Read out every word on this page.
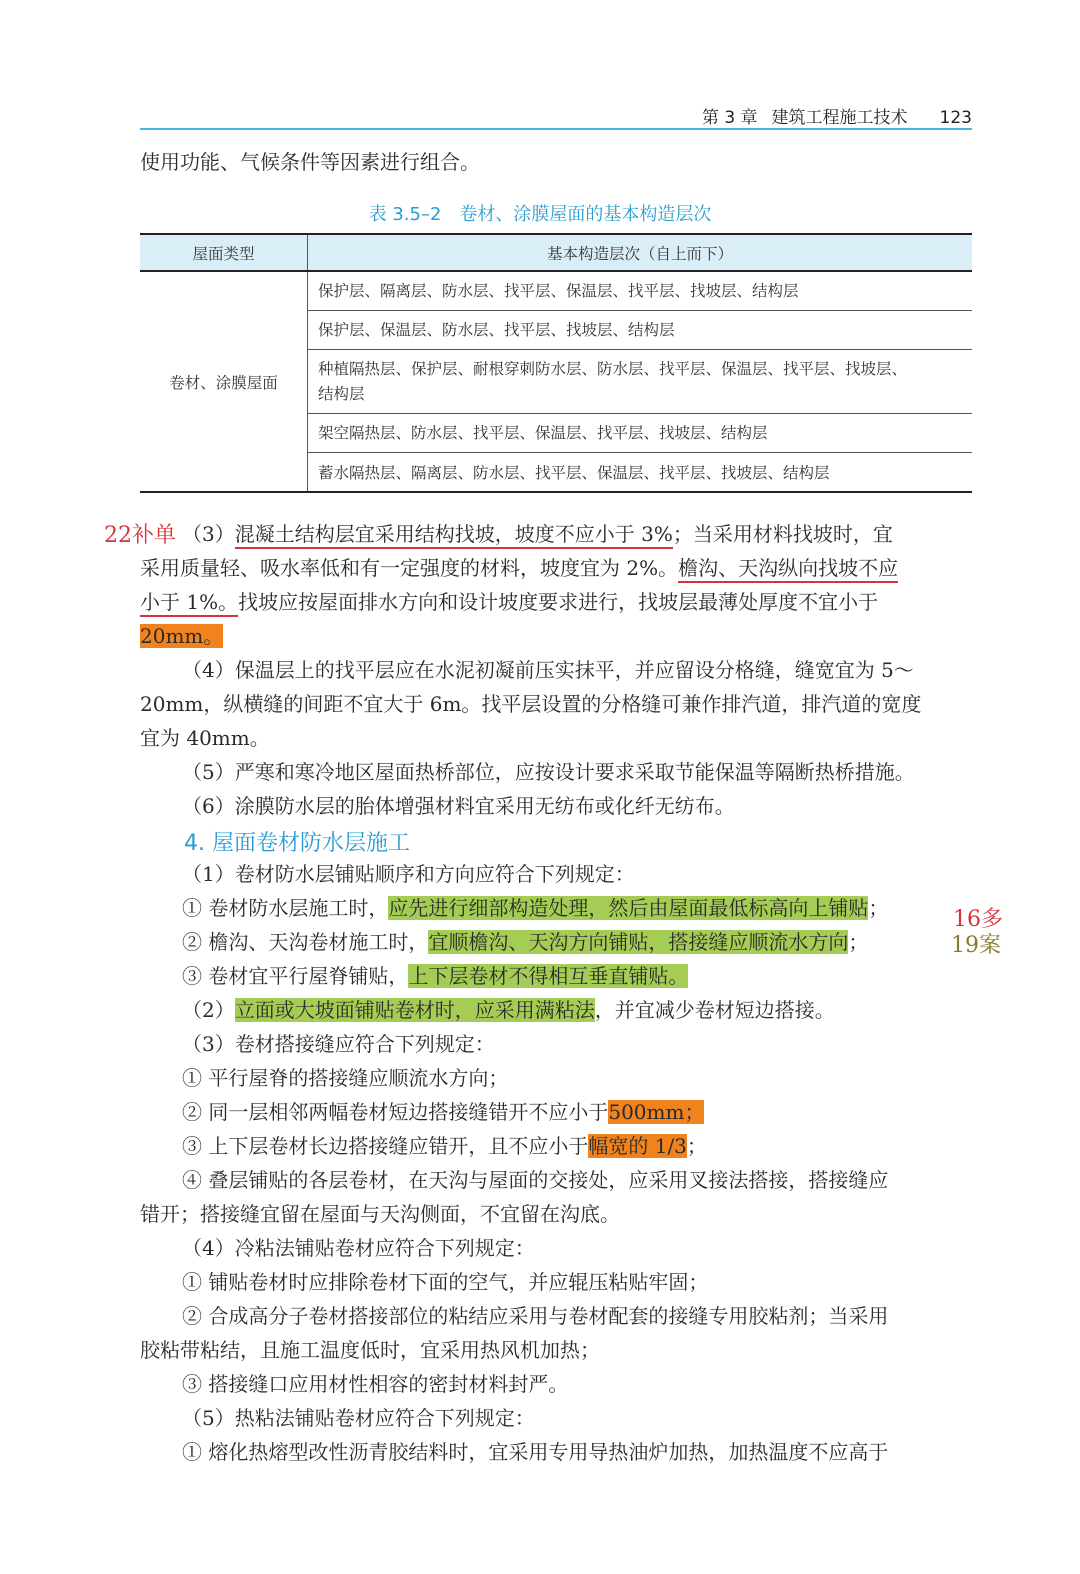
第 3 章 建筑工程施工技术 123
使用功能、气候条件等因素进行组合。
表 3.5–2　卷材、涂膜屋面的基本构造层次
屋面类型	基本构造层次（自上而下）
卷材、涂膜屋面
保护层、隔离层、防水层、找平层、保温层、找平层、找坡层、结构层
保护层、保温层、防水层、找平层、找坡层、结构层
种植隔热层、保护层、耐根穿刺防水层、防水层、找平层、保温层、找平层、找坡层、
结构层
架空隔热层、防水层、找平层、保温层、找平层、找坡层、结构层
蓄水隔热层、隔离层、防水层、找平层、保温层、找平层、找坡层、结构层
22补单 （3）混凝土结构层宜采用结构找坡，坡度不应小于 3%；当采用材料找坡时，宜
采用质量轻、吸水率低和有一定强度的材料，坡度宜为 2%。檐沟、天沟纵向找坡不应
小于 1%。找坡应按屋面排水方向和设计坡度要求进行，找坡层最薄处厚度不宜小于
20mm。
（4）保温层上的找平层应在水泥初凝前压实抹平，并应留设分格缝，缝宽宜为 5～
20mm，纵横缝的间距不宜大于 6m。找平层设置的分格缝可兼作排汽道，排汽道的宽度
宜为 40mm。
（5）严寒和寒冷地区屋面热桥部位，应按设计要求采取节能保温等隔断热桥措施。
（6）涂膜防水层的胎体增强材料宜采用无纺布或化纤无纺布。
4. 屋面卷材防水层施工
（1）卷材防水层铺贴顺序和方向应符合下列规定：
① 卷材防水层施工时，应先进行细部构造处理，然后由屋面最低标高向上铺贴；	16多
② 檐沟、天沟卷材施工时，宜顺檐沟、天沟方向铺贴，搭接缝应顺流水方向；	19案
③ 卷材宜平行屋脊铺贴，上下层卷材不得相互垂直铺贴。
（2）立面或大坡面铺贴卷材时，应采用满粘法，并宜减少卷材短边搭接。
（3）卷材搭接缝应符合下列规定：
① 平行屋脊的搭接缝应顺流水方向；
② 同一层相邻两幅卷材短边搭接缝错开不应小于500mm；
③ 上下层卷材长边搭接缝应错开，且不应小于幅宽的 1/3；
④ 叠层铺贴的各层卷材，在天沟与屋面的交接处，应采用叉接法搭接，搭接缝应
错开；搭接缝宜留在屋面与天沟侧面，不宜留在沟底。
（4）冷粘法铺贴卷材应符合下列规定：
① 铺贴卷材时应排除卷材下面的空气，并应辊压粘贴牢固；
② 合成高分子卷材搭接部位的粘结应采用与卷材配套的接缝专用胶粘剂；当采用
胶粘带粘结，且施工温度低时，宜采用热风机加热；
③ 搭接缝口应用材性相容的密封材料封严。
（5）热粘法铺贴卷材应符合下列规定：
① 熔化热熔型改性沥青胶结料时，宜采用专用导热油炉加热，加热温度不应高于
